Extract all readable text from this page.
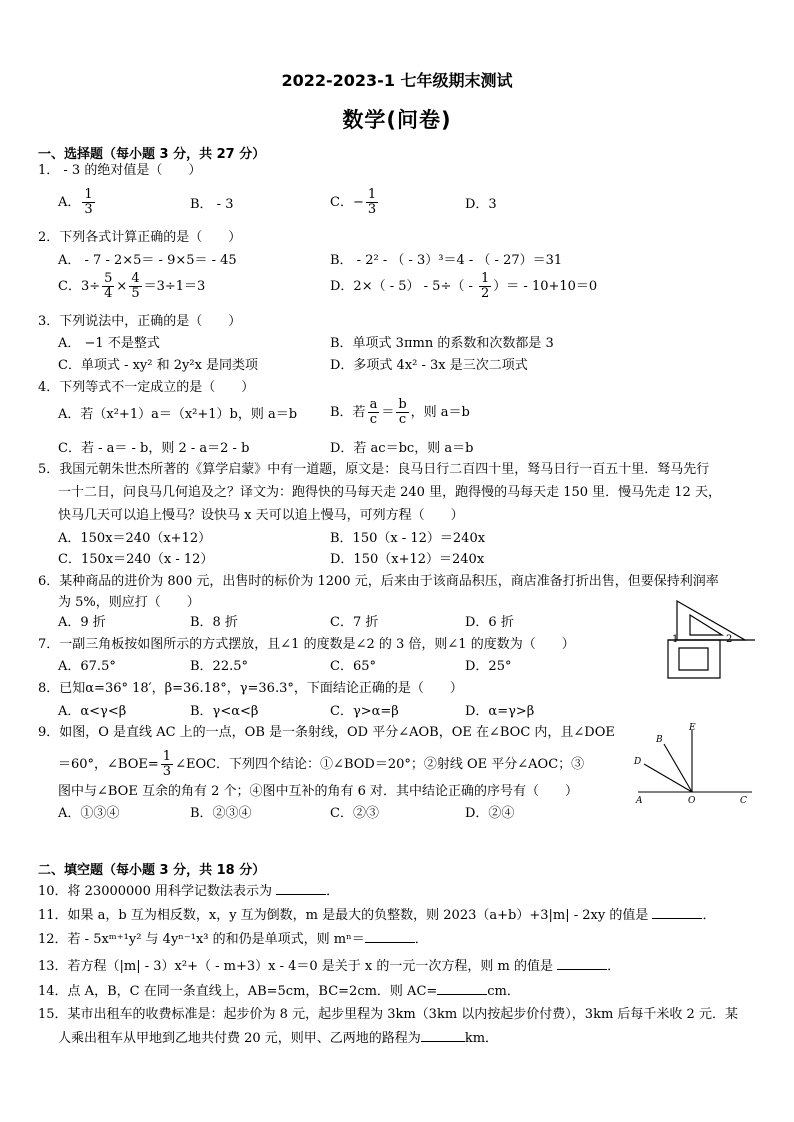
2022-2023-1 七年级期末测试
数学(问卷)
一、选择题（每小题 3 分，共 27 分）
1． - 3 的绝对值是（　　）
A． $\frac{1}{3}$	B． - 3	C．− $\frac{1}{3}$	D．3
2．下列各式计算正确的是（　　）
A． - 7 - 2×5＝ - 9×5＝ - 45	B． - 2² - （ - 3）³＝4 - （ - 27）＝31
C．$3\div \frac{5}{4} \times \frac{4}{5} =3\div 1=3$	D．$2\times( - 5) - 5\div( - \frac{1}{2}$ ）＝ - 10+10＝0
3．下列说法中，正确的是（　　）
A． −1 不是整式	B．单项式 3πmn 的系数和次数都是 3
C．单项式 - xy² 和 2y²x 是同类项	D．多项式 4x² - 3x 是三次二项式
4．下列等式不一定成立的是（　　）
A．若（x²+1）a＝（x²+1）b，则 a＝b	B．若 $\frac{a}{c} = \frac{b}{c}$ ，则 a＝b
C．若 - a＝ - b，则 2 - a＝2 - b	D．若 ac＝bc，则 a＝b
5．我国元朝朱世杰所著的《算学启蒙》中有一道题，原文是：良马日行二百四十里，驽马日行一百五十里．驽马先行
一十二日，问良马几何追及之？译文为：跑得快的马每天走 240 里，跑得慢的马每天走 150 里．慢马先走 12 天，
快马几天可以追上慢马？设快马 x 天可以追上慢马，可列方程（　　）
A．150x＝240（x+12）	B．150（x - 12）＝240x
C．150x＝240（x - 12）	D．150（x+12）＝240x
6．某种商品的进价为 800 元，出售时的标价为 1200 元，后来由于该商品积压，商店准备打折出售，但要保持利润率
为 5%，则应打（　　）
A．9 折	B．8 折	C．7 折	D．6 折
7．一副三角板按如图所示的方式摆放，且∠1 的度数是∠2 的 3 倍，则∠1 的度数为（　　）
A．67.5°	B．22.5°	C．65°	D．25°
1	2
8．已知α=36° 18′，β=36.18°，γ=36.3°，下面结论正确的是（　　）
A．α<γ<β	B．γ<α<β	C．γ>α=β	D．α=γ>β
9．如图，O 是直线 AC 上的一点，OB 是一条射线，OD 平分∠AOB，OE 在∠BOC 内，且∠DOE
＝60°，∠BOE= $\frac{1}{3}$ ∠EOC．下列四个结论：①∠BOD＝20°；②射线 OE 平分∠AOC；③
图中与∠BOE 互余的角有 2 个；④图中互补的角有 6 对．其中结论正确的序号有（　　）
A．①③④	B．②③④	C．②③	D．②④
E
B
D
A	O	C
二、填空题（每小题 3 分，共 18 分）
10．将 23000000 用科学记数法表示为	．
11．如果 a，b 互为相反数，x，y 互为倒数，m 是最大的负整数，则 2023（a+b）+3|m| - 2xy 的值是	．
12．若 - 5xᵐ⁺¹y² 与 4yⁿ⁻¹x³ 的和仍是单项式，则 mⁿ＝	．
13．若方程（|m| - 3）x²+（ - m+3）x - 4＝0 是关于 x 的一元一次方程，则 m 的值是	．
14．点 A，B，C 在同一条直线上，AB=5cm，BC=2cm．则 AC=	cm．
15．某市出租车的收费标准是：起步价为 8 元，起步里程为 3km（3km 以内按起步价付费），3km 后每千米收 2 元．某
人乘出租车从甲地到乙地共付费 20 元，则甲、乙两地的路程为	km．
